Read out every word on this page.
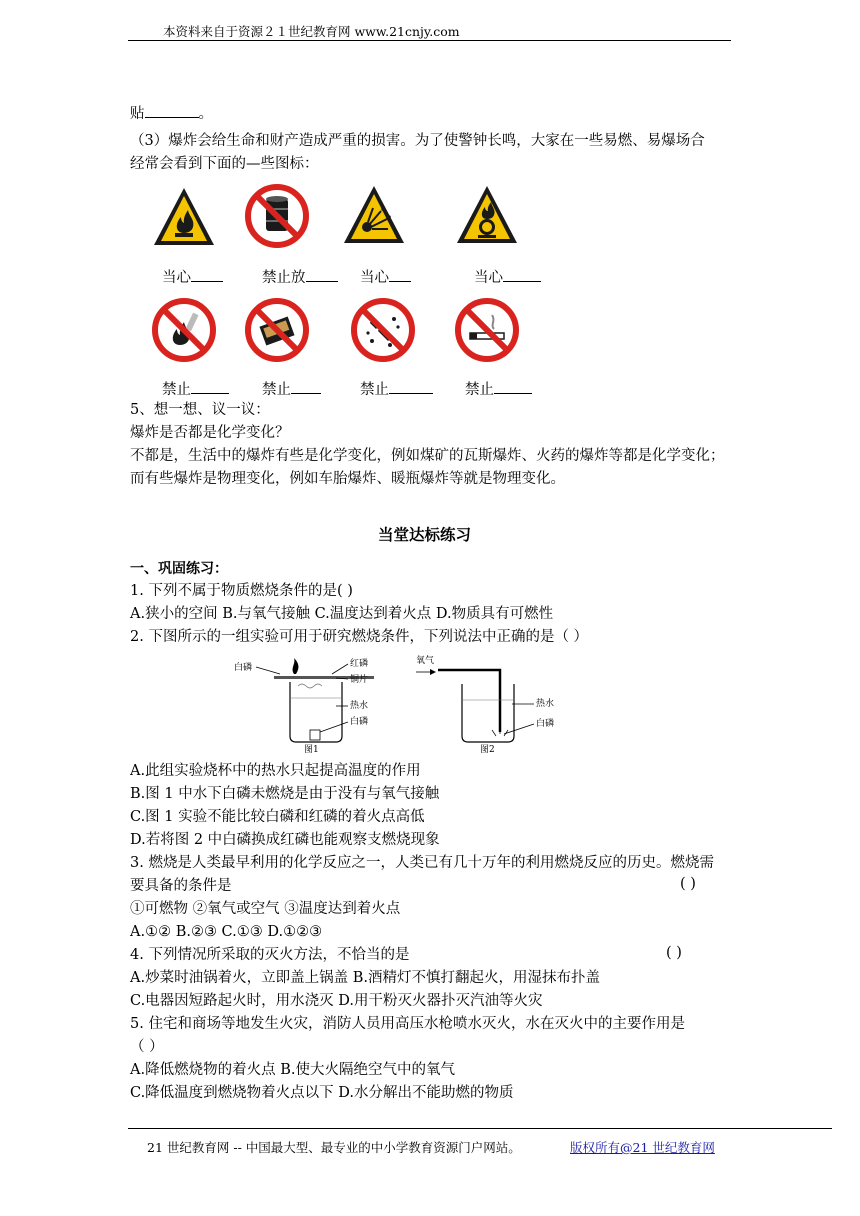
本资料来自于资源２１世纪教育网 www.21cnjy.com
贴	。
（3）爆炸会给生命和财产造成严重的损害。为了使警钟长鸣，大家在一些易燃、易爆场合
经常会看到下面的—些图标：
当心	禁止放	当心	当心
禁止	禁止	禁止	禁止
5、想一想、议一议：
爆炸是否都是化学变化？
不都是，生活中的爆炸有些是化学变化，例如煤矿的瓦斯爆炸、火药的爆炸等都是化学变化；
而有些爆炸是物理变化，例如车胎爆炸、暖瓶爆炸等就是物理变化。
当堂达标练习
一、巩固练习：
1. 下列不属于物质燃烧条件的是( )
A.狭小的空间 B.与氧气接触 C.温度达到着火点 D.物质具有可燃性
2. 下图所示的一组实验可用于研究燃烧条件，下列说法中正确的是（ ）
白磷	红磷
铜片
热水
白磷
图1
氧气
热水
白磷
图2
A.此组实验烧杯中的热水只起提高温度的作用
B.图 1 中水下白磷未燃烧是由于没有与氧气接触
C.图 1 实验不能比较白磷和红磷的着火点高低
D.若将图 2 中白磷换成红磷也能观察支燃烧现象
3. 燃烧是人类最早利用的化学反应之一，人类已有几十万年的利用燃烧反应的历史。燃烧需
要具备的条件是	( )
①可燃物 ②氧气或空气 ③温度达到着火点
A.①② B.②③ C.①③ D.①②③
4. 下列情况所采取的灭火方法，不恰当的是	( )
A.炒菜时油锅着火，立即盖上锅盖 B.酒精灯不慎打翻起火，用湿抹布扑盖
C.电器因短路起火时，用水浇灭 D.用干粉灭火器扑灭汽油等火灾
5. 住宅和商场等地发生火灾，消防人员用高压水枪喷水灭火，水在灭火中的主要作用是
（ ）
A.降低燃烧物的着火点 B.使大火隔绝空气中的氧气
C.降低温度到燃烧物着火点以下 D.水分解出不能助燃的物质
21 世纪教育网 -- 中国最大型、最专业的中小学教育资源门户网站。	版权所有@21 世纪教育网
